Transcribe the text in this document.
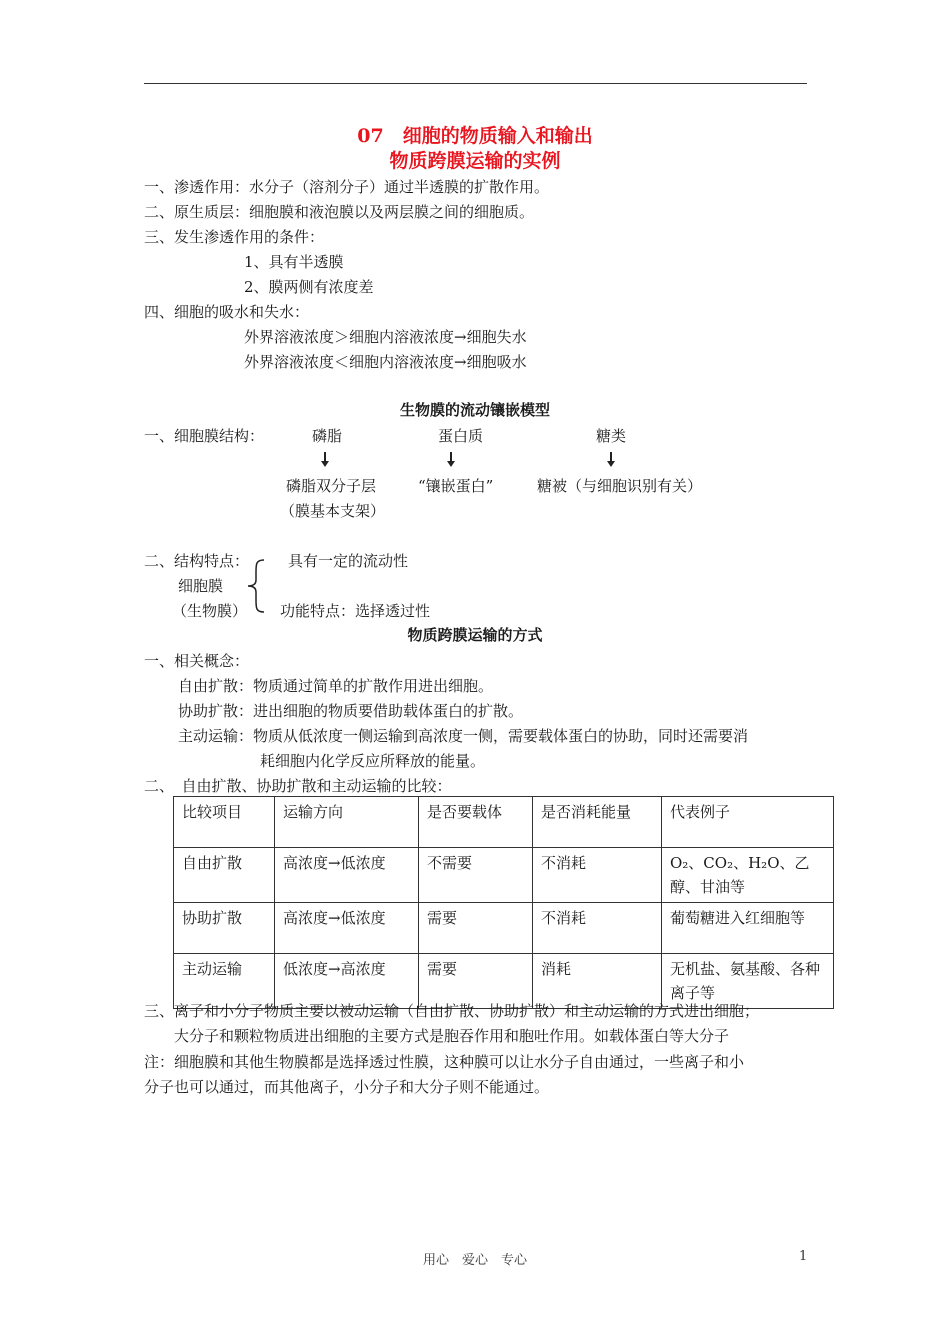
07　细胞的物质输入和输出
物质跨膜运输的实例
一、渗透作用：水分子（溶剂分子）通过半透膜的扩散作用。
二、原生质层：细胞膜和液泡膜以及两层膜之间的细胞质。
三、发生渗透作用的条件：
1、具有半透膜
2、膜两侧有浓度差
四、细胞的吸水和失水：
外界溶液浓度＞细胞内溶液浓度→细胞失水
外界溶液浓度＜细胞内溶液浓度→细胞吸水
生物膜的流动镶嵌模型
一、细胞膜结构：	磷脂	蛋白质	糖类
磷脂双分子层	“镶嵌蛋白”	糖被（与细胞识别有关）
（膜基本支架）
二、结构特点：	具有一定的流动性
细胞膜
（生物膜） 功能特点：选择透过性
物质跨膜运输的方式
一、相关概念：
自由扩散：物质通过简单的扩散作用进出细胞。
协助扩散：进出细胞的物质要借助载体蛋白的扩散。
主动运输：物质从低浓度一侧运输到高浓度一侧，需要载体蛋白的协助，同时还需要消
耗细胞内化学反应所释放的能量。
二、　自由扩散、协助扩散和主动运输的比较：
比较项目	运输方向	是否要载体	是否消耗能量	代表例子
自由扩散	高浓度→低浓度	不需要	不消耗	O₂、CO₂、H₂O、乙醇、甘油等
协助扩散	高浓度→低浓度	需要	不消耗	葡萄糖进入红细胞等
主动运输	低浓度→高浓度	需要	消耗	无机盐、氨基酸、各种离子等
三、离子和小分子物质主要以被动运输（自由扩散、协助扩散）和主动运输的方式进出细胞；
大分子和颗粒物质进出细胞的主要方式是胞吞作用和胞吐作用。如载体蛋白等大分子
注：细胞膜和其他生物膜都是选择透过性膜，这种膜可以让水分子自由通过，一些离子和小
分子也可以通过，而其他离子，小分子和大分子则不能通过。
用心　爱心　专心	1
